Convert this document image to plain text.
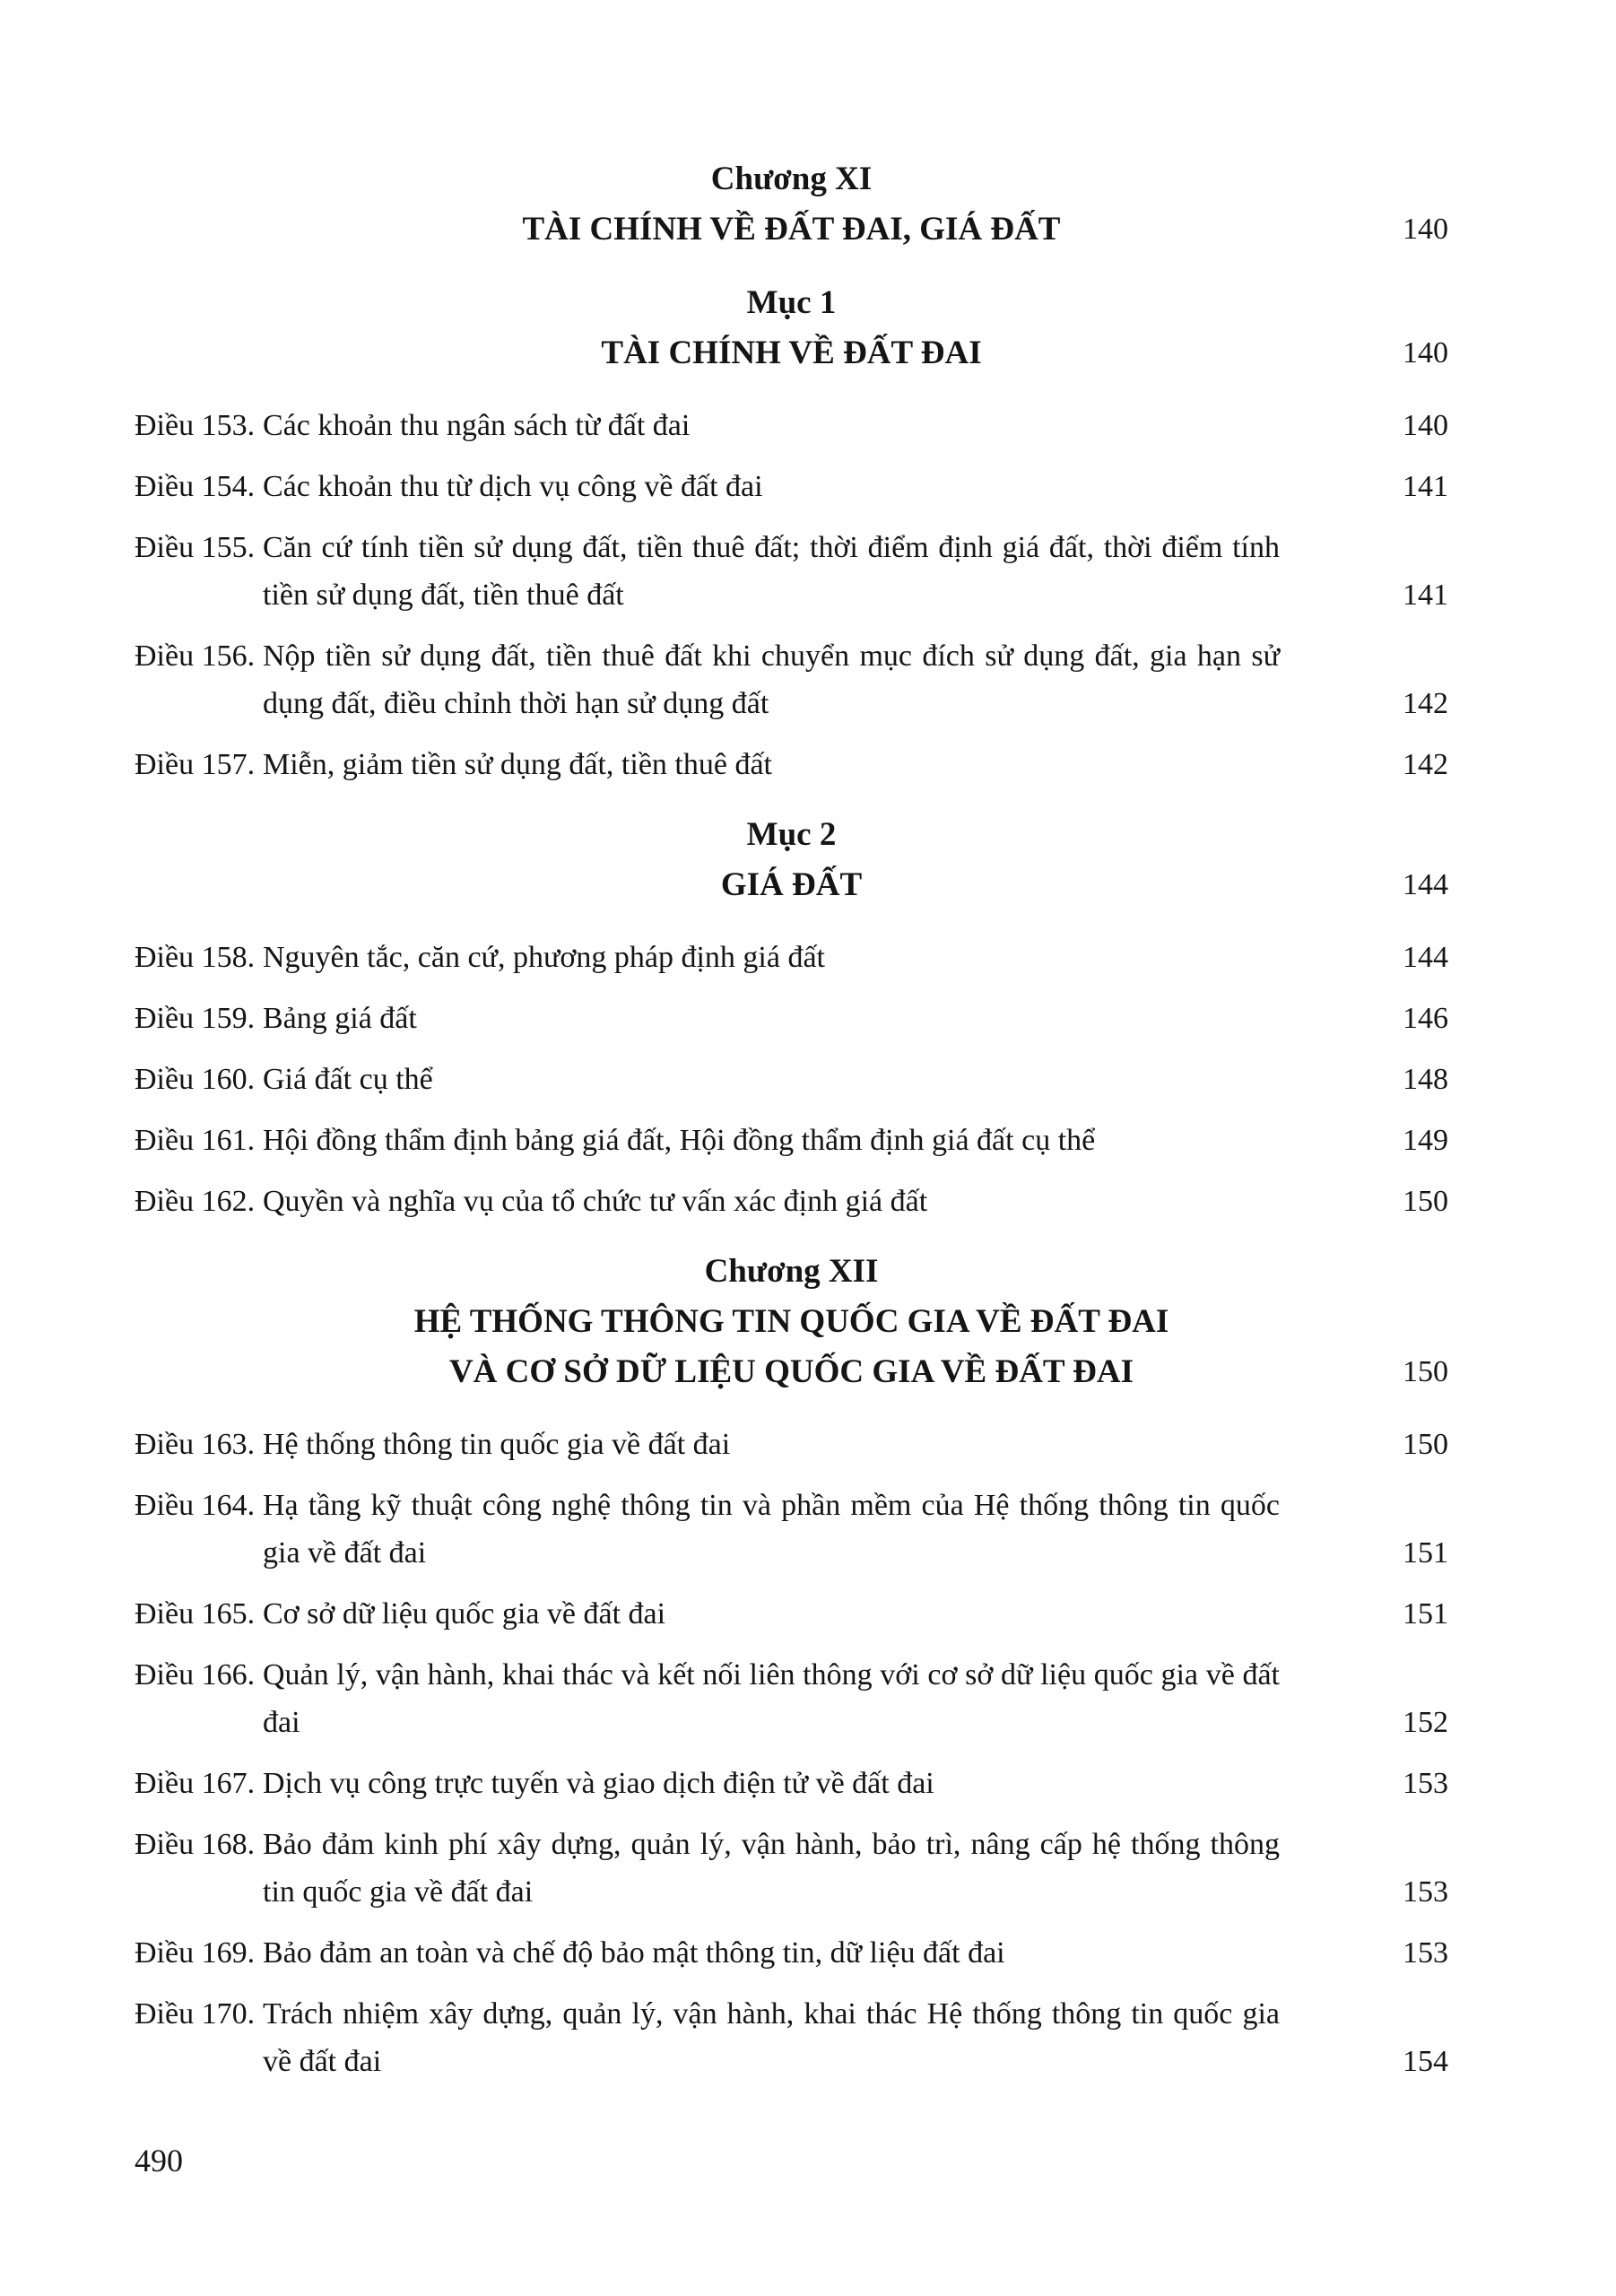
Chương XI
TÀI CHÍNH VỀ ĐẤT ĐAI, GIÁ ĐẤT	140
Mục 1
TÀI CHÍNH VỀ ĐẤT ĐAI	140
Điều 153. Các khoản thu ngân sách từ đất đai	140
Điều 154. Các khoản thu từ dịch vụ công về đất đai	141
Điều 155. Căn cứ tính tiền sử dụng đất, tiền thuê đất; thời điểm định giá đất, thời điểm tính tiền sử dụng đất, tiền thuê đất	141
Điều 156. Nộp tiền sử dụng đất, tiền thuê đất khi chuyển mục đích sử dụng đất, gia hạn sử dụng đất, điều chỉnh thời hạn sử dụng đất	142
Điều 157. Miễn, giảm tiền sử dụng đất, tiền thuê đất	142
Mục 2
GIÁ ĐẤT	144
Điều 158. Nguyên tắc, căn cứ, phương pháp định giá đất	144
Điều 159. Bảng giá đất	146
Điều 160. Giá đất cụ thể	148
Điều 161. Hội đồng thẩm định bảng giá đất, Hội đồng thẩm định giá đất cụ thể	149
Điều 162. Quyền và nghĩa vụ của tổ chức tư vấn xác định giá đất	150
Chương XII
HỆ THỐNG THÔNG TIN QUỐC GIA VỀ ĐẤT ĐAI
VÀ CƠ SỞ DỮ LIỆU QUỐC GIA VỀ ĐẤT ĐAI	150
Điều 163. Hệ thống thông tin quốc gia về đất đai	150
Điều 164. Hạ tầng kỹ thuật công nghệ thông tin và phần mềm của Hệ thống thông tin quốc gia về đất đai	151
Điều 165. Cơ sở dữ liệu quốc gia về đất đai	151
Điều 166. Quản lý, vận hành, khai thác và kết nối liên thông với cơ sở dữ liệu quốc gia về đất đai	152
Điều 167. Dịch vụ công trực tuyến và giao dịch điện tử về đất đai	153
Điều 168. Bảo đảm kinh phí xây dựng, quản lý, vận hành, bảo trì, nâng cấp hệ thống thông tin quốc gia về đất đai	153
Điều 169. Bảo đảm an toàn và chế độ bảo mật thông tin, dữ liệu đất đai	153
Điều 170. Trách nhiệm xây dựng, quản lý, vận hành, khai thác Hệ thống thông tin quốc gia về đất đai	154
490
